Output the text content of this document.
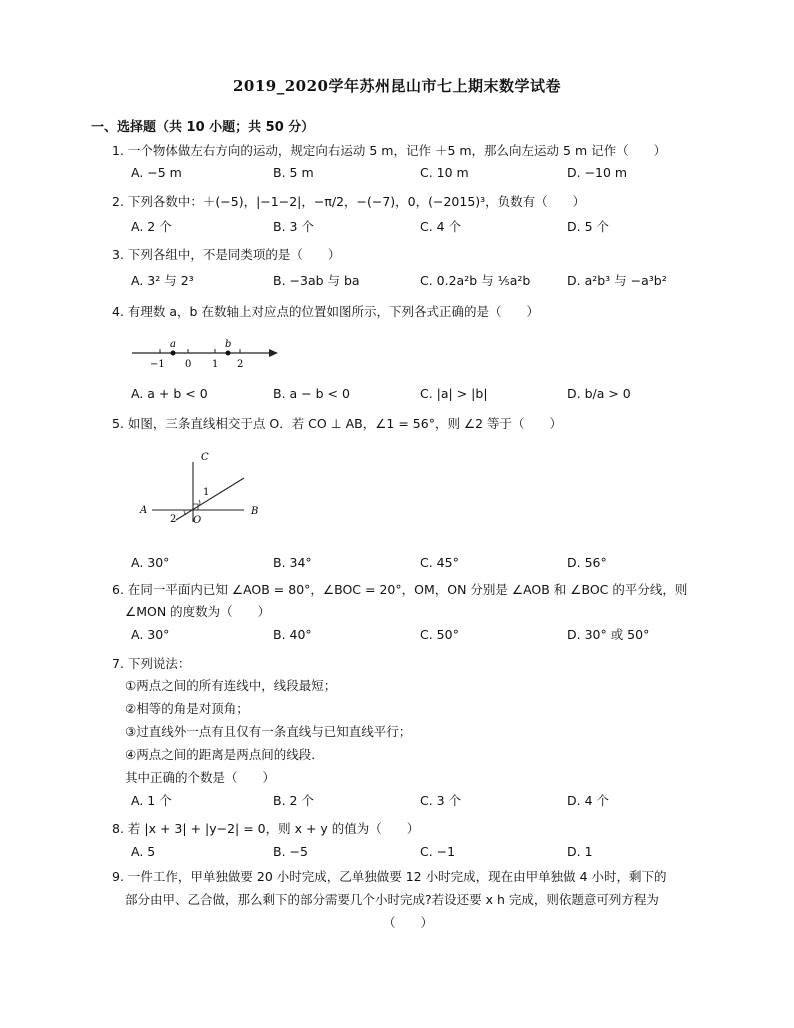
2019_2020学年苏州昆山市七上期末数学试卷
一、选择题（共 10 小题；共 50 分）
1. 一个物体做左右方向的运动，规定向右运动 5 m，记作 ＋5 m，那么向左运动 5 m 记作（　　）
A. −5 m	B. 5 m	C. 10 m	D. −10 m
2. 下列各数中：＋(−5)，|−1−2|，−π/2，−(−7)，0，(−2015)³，负数有（　　）
A. 2 个	B. 3 个	C. 4 个	D. 5 个
3. 下列各组中，不是同类项的是（　　）
A. 3² 与 2³	B. −3ab 与 ba	C. 0.2a²b 与 ⅕a²b	D. a²b³ 与 −a³b²
4. 有理数 a，b 在数轴上对应点的位置如图所示，下列各式正确的是（　　）
a	b
−1 0 1 2
A. a + b < 0	B. a − b < 0	C. |a| > |b|	D. b/a > 0
5. 如图，三条直线相交于点 O．若 CO ⊥ AB，∠1 = 56°，则 ∠2 等于（　　）
C
1
A
2 O
B
A. 30°	B. 34°	C. 45°	D. 56°
6. 在同一平面内已知 ∠AOB = 80°，∠BOC = 20°，OM，ON 分别是 ∠AOB 和 ∠BOC 的平分线，则
∠MON 的度数为（　　）
A. 30°	B. 40°	C. 50°	D. 30° 或 50°
7. 下列说法：
①两点之间的所有连线中，线段最短；
②相等的角是对顶角；
③过直线外一点有且仅有一条直线与已知直线平行；
④两点之间的距离是两点间的线段．
其中正确的个数是（　　）
A. 1 个	B. 2 个	C. 3 个	D. 4 个
8. 若 |x + 3| + |y−2| = 0，则 x + y 的值为（　　）
A. 5	B. −5	C. −1	D. 1
9. 一件工作，甲单独做要 20 小时完成，乙单独做要 12 小时完成，现在由甲单独做 4 小时，剩下的
部分由甲、乙合做，那么剩下的部分需要几个小时完成?若设还要 x h 完成，则依题意可列方程为
（　　）
